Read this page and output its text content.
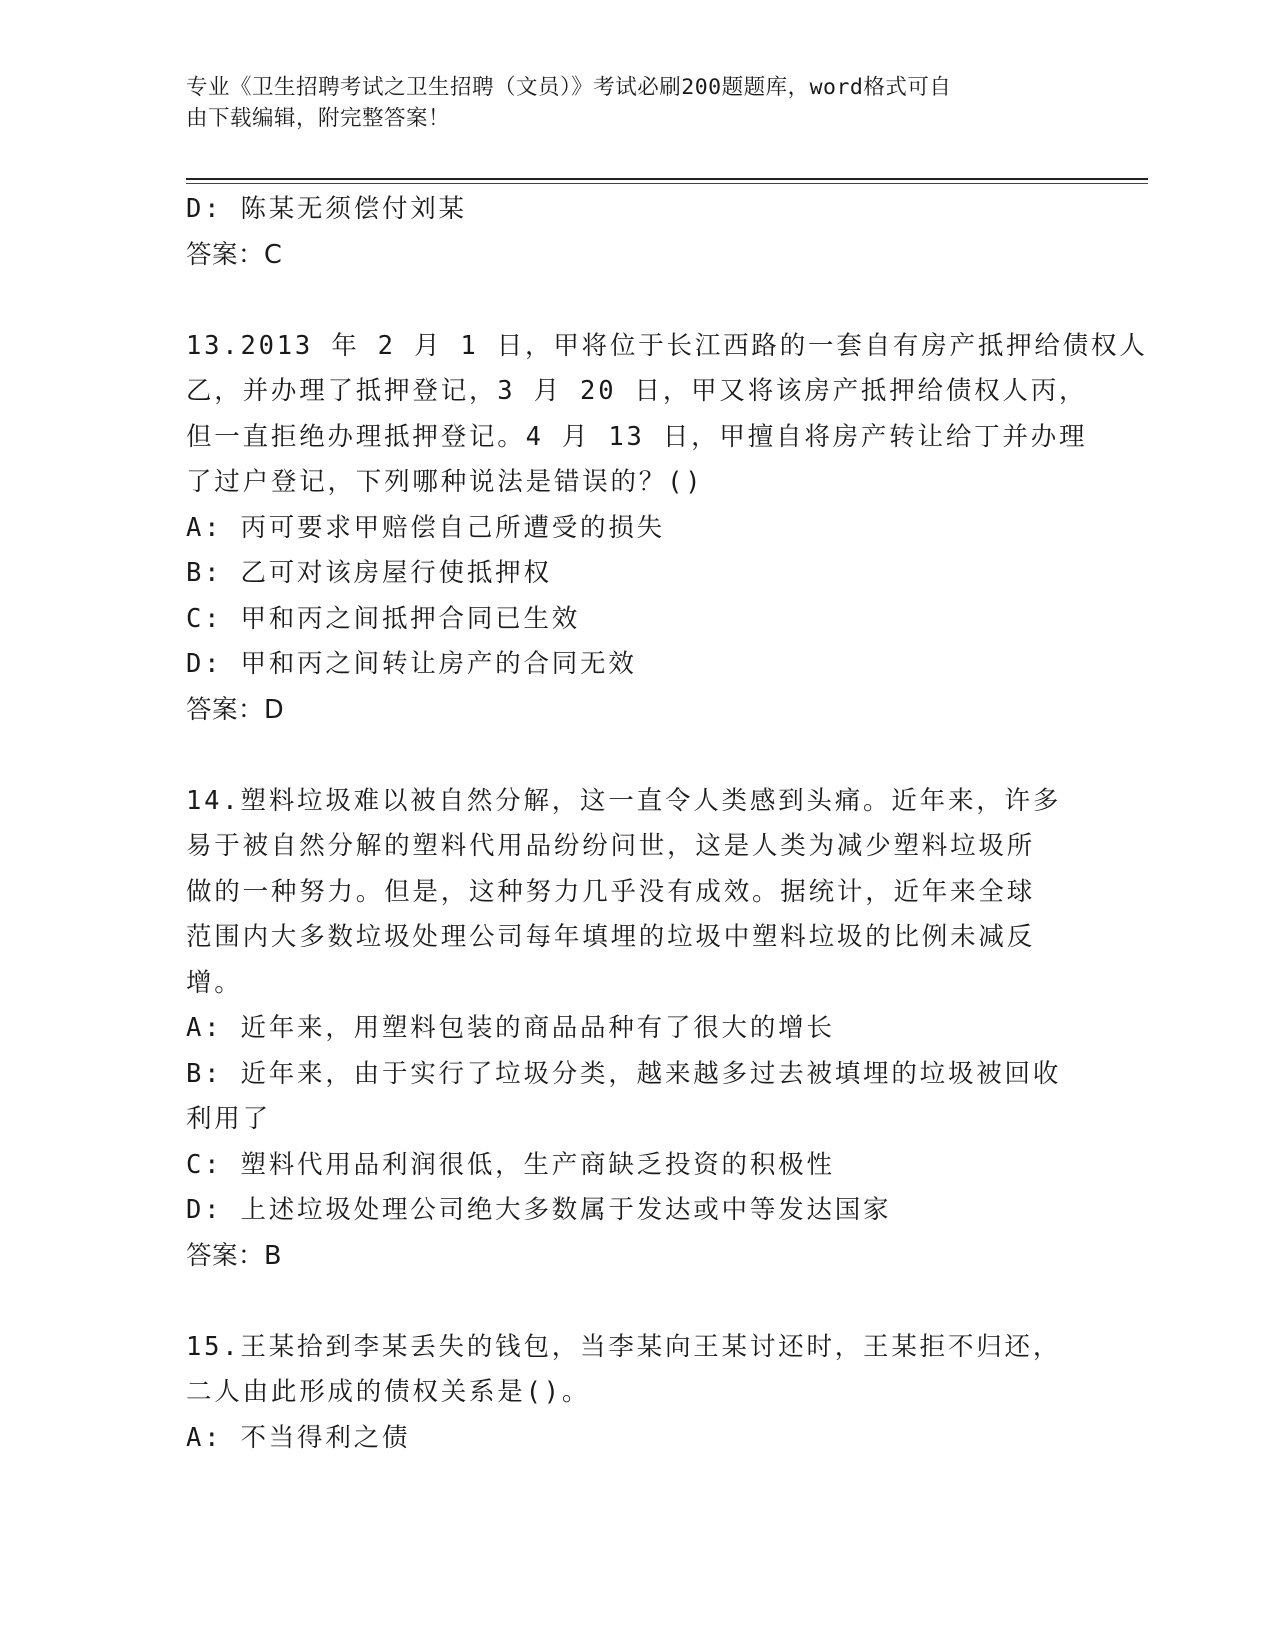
专业《卫生招聘考试之卫生招聘（文员）》考试必刷200题题库，word格式可自
由下载编辑，附完整答案！

D: 陈某无须偿付刘某

答案：C

13.2013 年 2 月 1 日，甲将位于长江西路的一套自有房产抵押给债权人

乙，并办理了抵押登记，3 月 20 日，甲又将该房产抵押给债权人丙，

但一直拒绝办理抵押登记。4 月 13 日，甲擅自将房产转让给丁并办理

了过户登记，下列哪种说法是错误的？()

A: 丙可要求甲赔偿自己所遭受的损失

B: 乙可对该房屋行使抵押权

C: 甲和丙之间抵押合同已生效

D: 甲和丙之间转让房产的合同无效

答案：D

14.塑料垃圾难以被自然分解，这一直令人类感到头痛。近年来，许多

易于被自然分解的塑料代用品纷纷问世，这是人类为减少塑料垃圾所

做的一种努力。但是，这种努力几乎没有成效。据统计，近年来全球

范围内大多数垃圾处理公司每年填埋的垃圾中塑料垃圾的比例未减反

增。

A: 近年来，用塑料包装的商品品种有了很大的增长

B: 近年来，由于实行了垃圾分类，越来越多过去被填埋的垃圾被回收

利用了

C: 塑料代用品利润很低，生产商缺乏投资的积极性

D: 上述垃圾处理公司绝大多数属于发达或中等发达国家

答案：B

15.王某拾到李某丢失的钱包，当李某向王某讨还时，王某拒不归还，

二人由此形成的债权关系是()。

A: 不当得利之债
